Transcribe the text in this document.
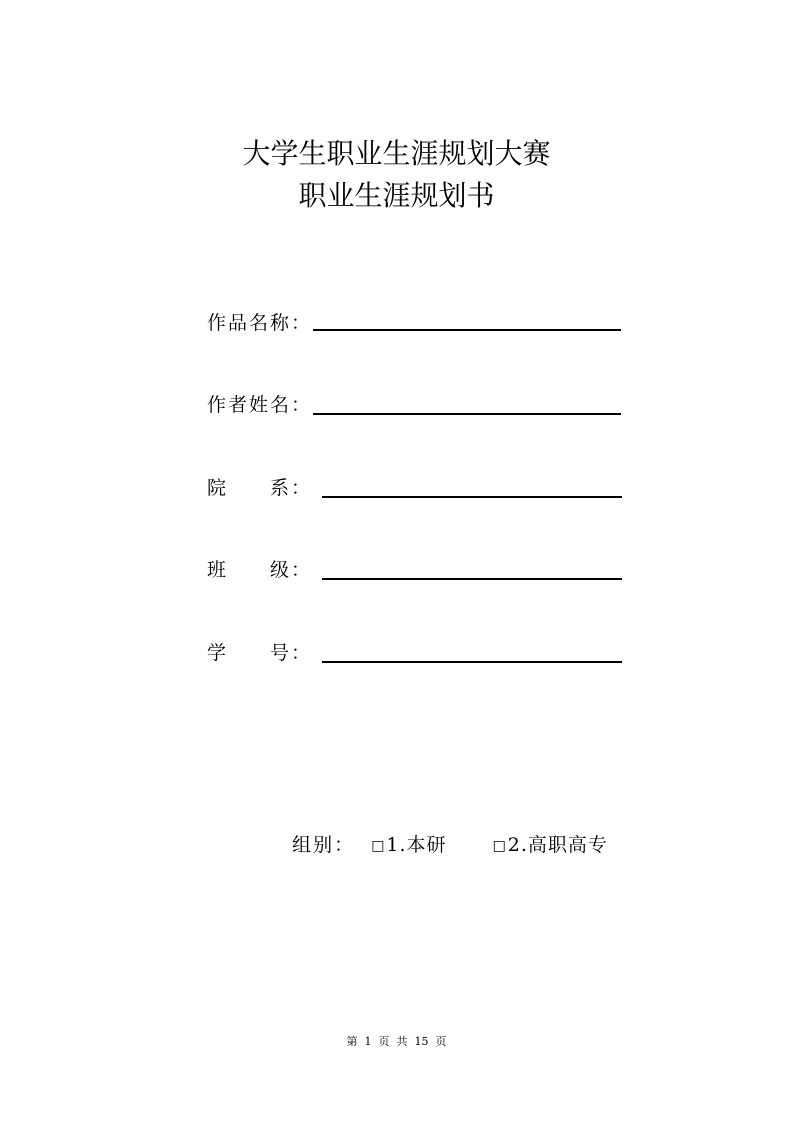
大学生职业生涯规划大赛
职业生涯规划书
作品名称：
作者姓名：
院　　系：
班　　级：
学　　号：

组别： □1.本研	□2.高职高专

第  1  页  共  15  页
